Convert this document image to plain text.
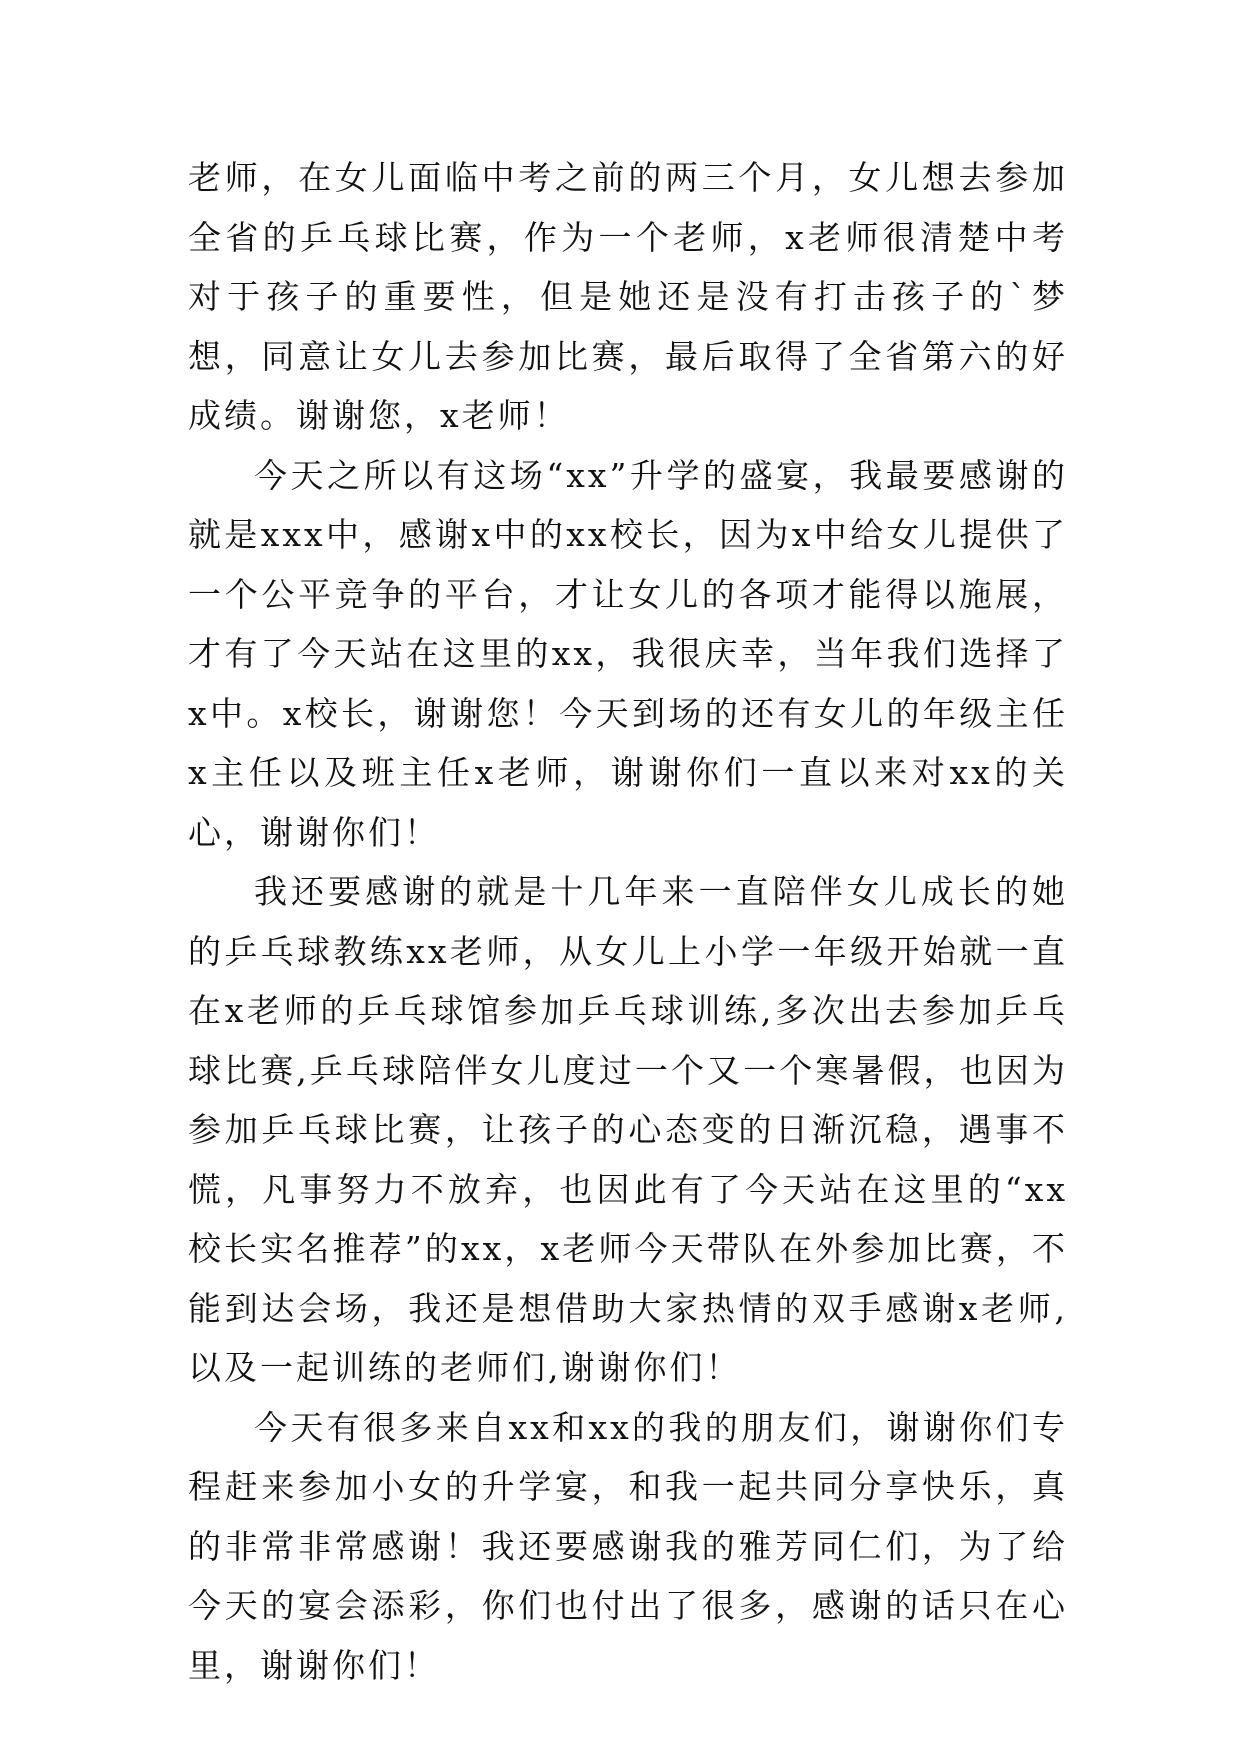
老师，在女儿面临中考之前的两三个月，女儿想去参加全省的乒乓球比赛，作为一个老师，x老师很清楚中考对于孩子的重要性，但是她还是没有打击孩子的`梦想，同意让女儿去参加比赛，最后取得了全省第六的好成绩。谢谢您，x老师！

今天之所以有这场“xx”升学的盛宴，我最要感谢的就是xxx中，感谢x中的xx校长，因为x中给女儿提供了一个公平竞争的平台，才让女儿的各项才能得以施展，才有了今天站在这里的xx，我很庆幸，当年我们选择了x中。x校长，谢谢您！今天到场的还有女儿的年级主任x主任以及班主任x老师，谢谢你们一直以来对xx的关心，谢谢你们！

我还要感谢的就是十几年来一直陪伴女儿成长的她的乒乓球教练xx老师，从女儿上小学一年级开始就一直在x老师的乒乓球馆参加乒乓球训练,多次出去参加乒乓球比赛,乒乓球陪伴女儿度过一个又一个寒暑假，也因为参加乒乓球比赛，让孩子的心态变的日渐沉稳，遇事不慌，凡事努力不放弃，也因此有了今天站在这里的“xx校长实名推荐”的xx，x老师今天带队在外参加比赛，不能到达会场，我还是想借助大家热情的双手感谢x老师,以及一起训练的老师们,谢谢你们！

今天有很多来自xx和xx的我的朋友们，谢谢你们专程赶来参加小女的升学宴，和我一起共同分享快乐，真的非常非常感谢！我还要感谢我的雅芳同仁们，为了给今天的宴会添彩，你们也付出了很多，感谢的话只在心里，谢谢你们！
